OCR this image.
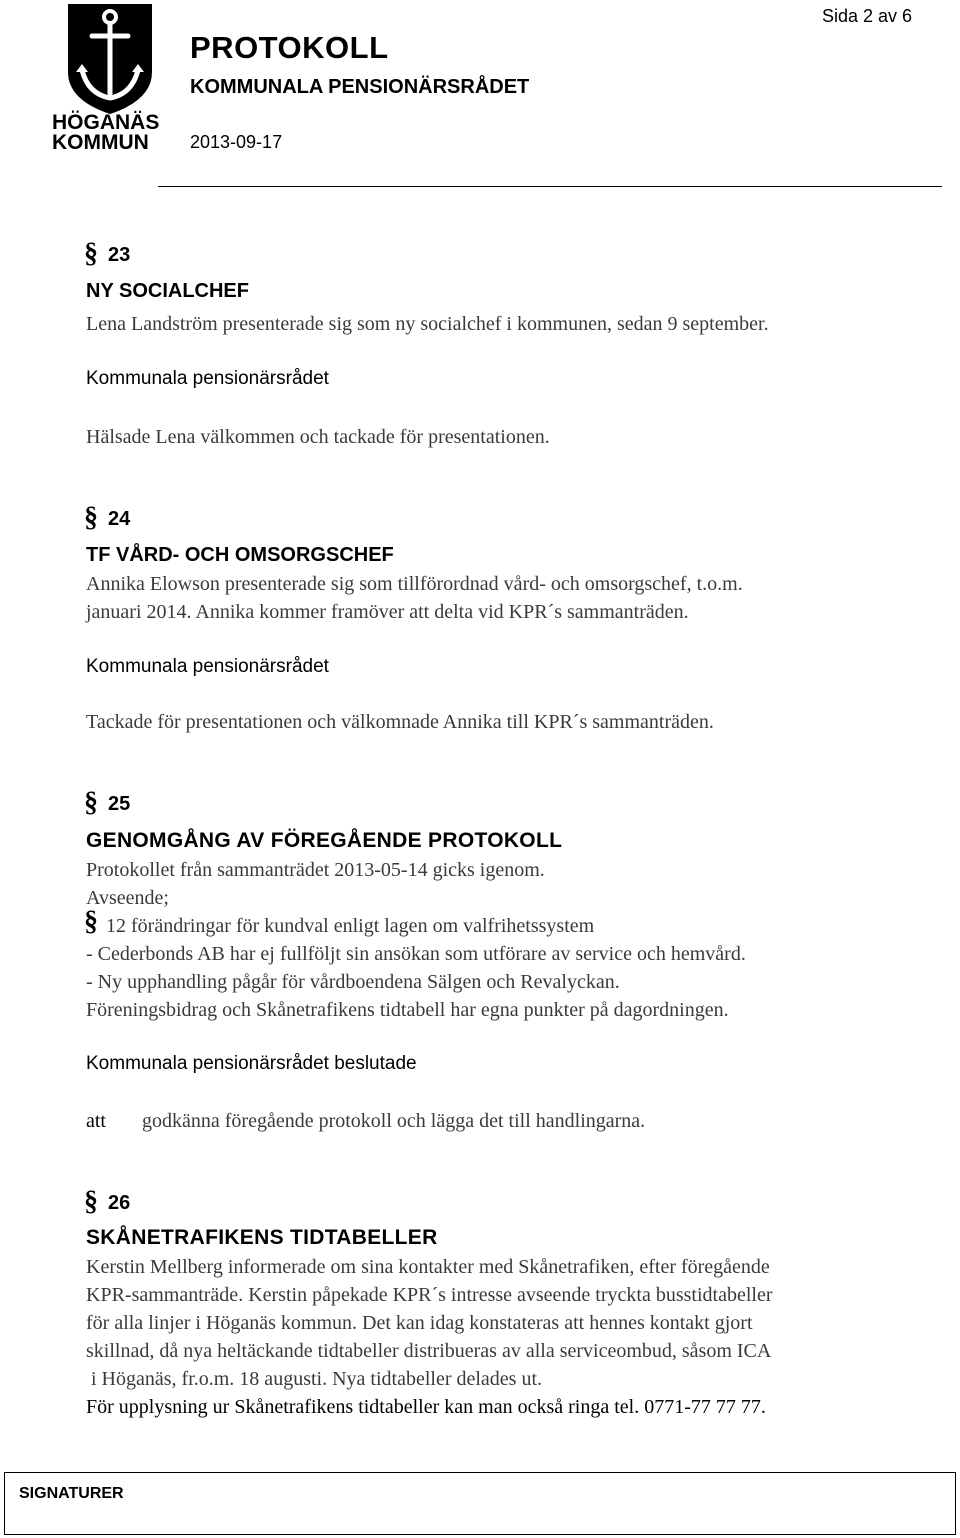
HÖGANÄS
KOMMUN
Sida 2 av 6
PROTOKOLL
KOMMUNALA PENSIONÄRSRÅDET
2013-09-17
§ 23
NY SOCIALCHEF
Lena Landström presenterade sig som ny socialchef i kommunen, sedan 9 september.
Kommunala pensionärsrådet
Hälsade Lena välkommen och tackade för presentationen.
§ 24
TF VÅRD- OCH OMSORGSCHEF
Annika Elowson presenterade sig som tillförordnad vård- och omsorgschef, t.o.m.
januari 2014. Annika kommer framöver att delta vid KPR´s sammanträden.
Kommunala pensionärsrådet
Tackade för presentationen och välkomnade Annika till KPR´s sammanträden.
§ 25
GENOMGÅNG AV FÖREGÅENDE PROTOKOLL
Protokollet från sammanträdet 2013-05-14 gicks igenom.
Avseende;
§ 12 förändringar för kundval enligt lagen om valfrihetssystem
- Cederbonds AB har ej fullföljt sin ansökan som utförare av service och hemvård.
- Ny upphandling pågår för vårdboendena Sälgen och Revalyckan.
Föreningsbidrag och Skånetrafikens tidtabell har egna punkter på dagordningen.
Kommunala pensionärsrådet beslutade
att godkänna föregående protokoll och lägga det till handlingarna.
§ 26
SKÅNETRAFIKENS TIDTABELLER
Kerstin Mellberg informerade om sina kontakter med Skånetrafiken, efter föregående
KPR-sammanträde. Kerstin påpekade KPR´s intresse avseende tryckta busstidtabeller
för alla linjer i Höganäs kommun. Det kan idag konstateras att hennes kontakt gjort
skillnad, då nya heltäckande tidtabeller distribueras av alla serviceombud, såsom ICA
i Höganäs, fr.o.m. 18 augusti. Nya tidtabeller delades ut.
För upplysning ur Skånetrafikens tidtabeller kan man också ringa tel. 0771-77 77 77.
SIGNATURER
